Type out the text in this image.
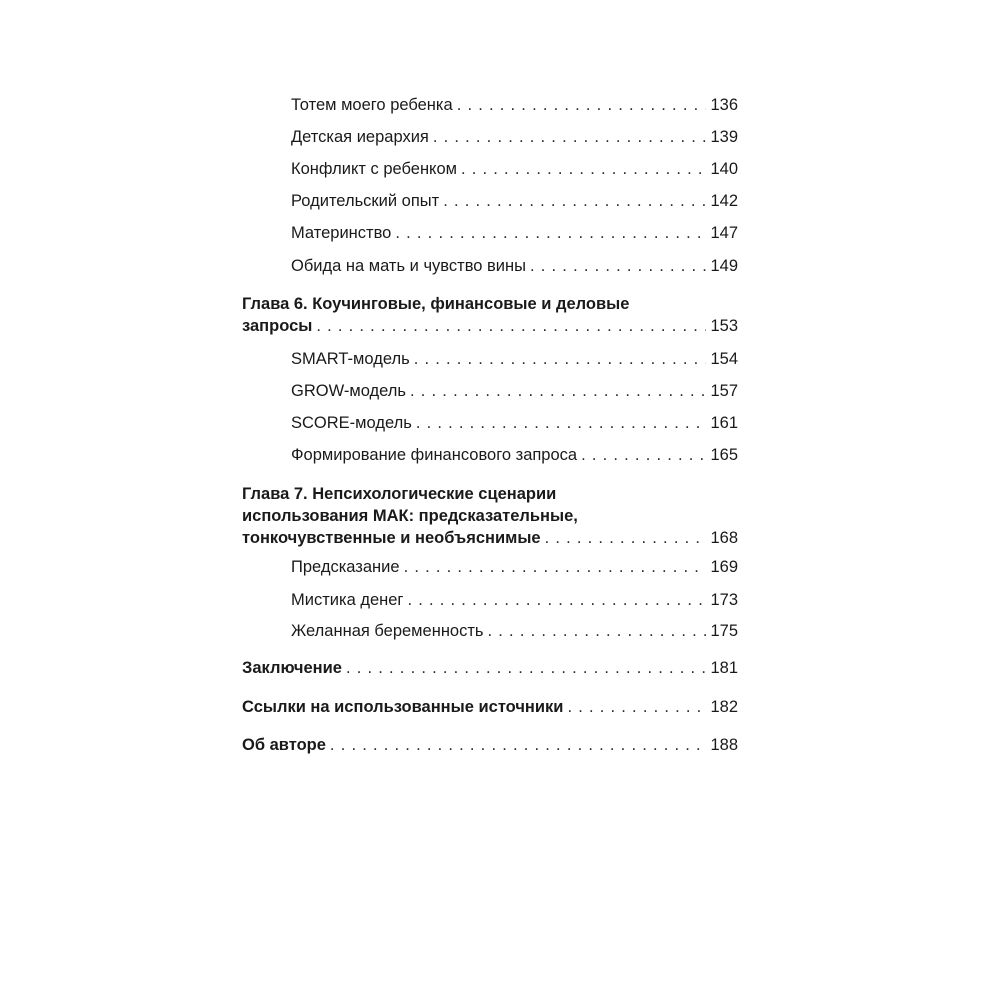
Тотем моего ребенка . . .	136
Детская иерархия . . .	139
Конфликт с ребенком . . .	140
Родительский опыт . . .	142
Материнство . . .	147
Обида на мать и чувство вины . . .	149
Глава 6. Коучинговые, финансовые и деловые
запросы . . .	153
SMART-модель . . .	154
GROW-модель . . .	157
SCORE-модель . . .	161
Формирование финансового запроса . . .	165
Глава 7. Непсихологические сценарии
использования МАК: предсказательные,
тонкочувственные и необъяснимые . . .	168
Предсказание . . .	169
Мистика денег . . .	173
Желанная беременность . . .	175
Заключение . . .	181
Ссылки на использованные источники . . .	182
Об авторе . . .	188
